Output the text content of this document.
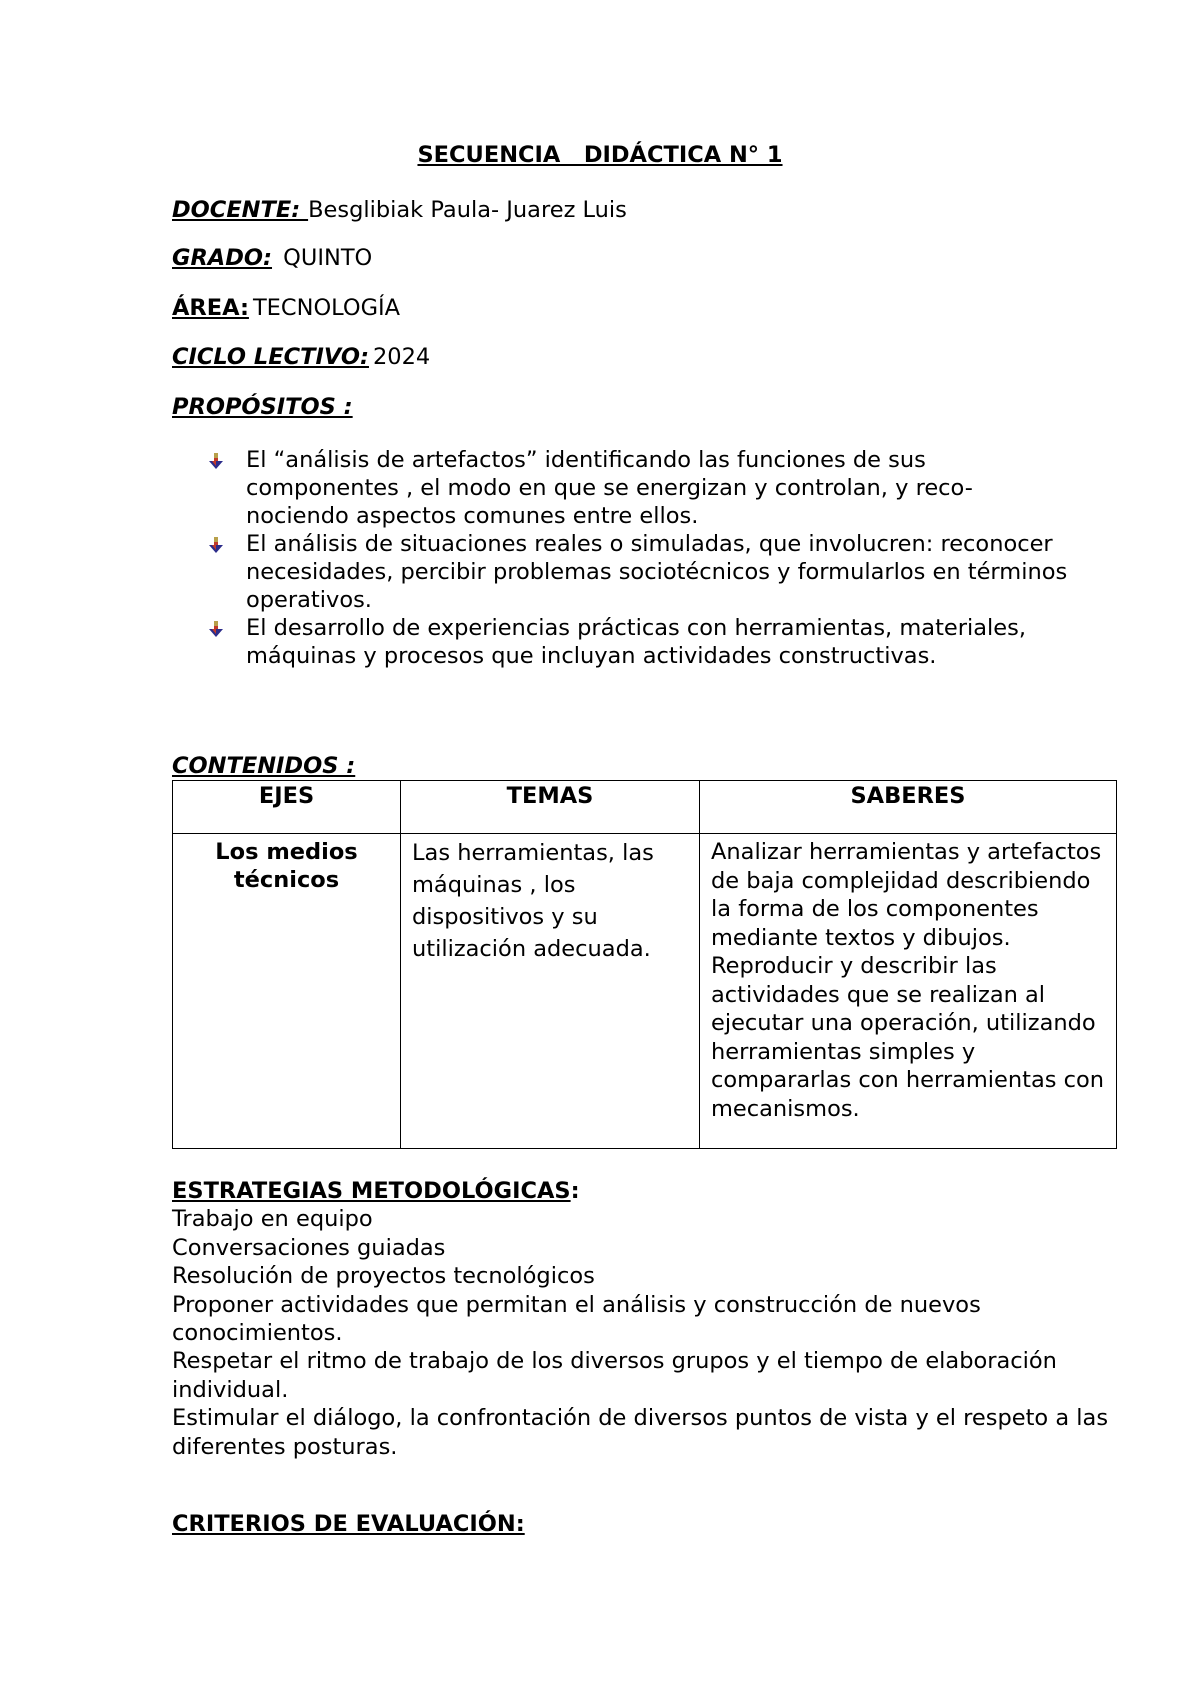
SECUENCIA   DIDÁCTICA N° 1
DOCENTE: Besglibiak Paula- Juarez Luis
GRADO: QUINTO
ÁREA: TECNOLOGÍA
CICLO LECTIVO: 2024
PROPÓSITOS :
El “análisis de artefactos” identificando las funciones de sus componentes , el modo en que se energizan y controlan, y reco-nociendo aspectos comunes entre ellos.
El análisis de situaciones reales o simuladas, que involucren: reconocer necesidades, percibir problemas sociotécnicos y formularlos en términos operativos.
El desarrollo de experiencias prácticas con herramientas, materiales, máquinas y procesos que incluyan actividades constructivas.
CONTENIDOS :
EJES	TEMAS	SABERES
Los medios técnicos	Las herramientas, las máquinas , los dispositivos y su utilización adecuada.	Analizar herramientas y artefactos de baja complejidad describiendo la forma de los componentes mediante textos y dibujos.
Reproducir y describir las actividades que se realizan al ejecutar una operación, utilizando herramientas simples y compararlas con herramientas con mecanismos.
ESTRATEGIAS METODOLÓGICAS:
Trabajo en equipo
Conversaciones guiadas
Resolución de proyectos tecnológicos
Proponer actividades que permitan el análisis y construcción de nuevos conocimientos.
Respetar el ritmo de trabajo de los diversos grupos y el tiempo de elaboración individual.
Estimular el diálogo, la confrontación de diversos puntos de vista y el respeto a las diferentes posturas.
CRITERIOS DE EVALUACIÓN:
